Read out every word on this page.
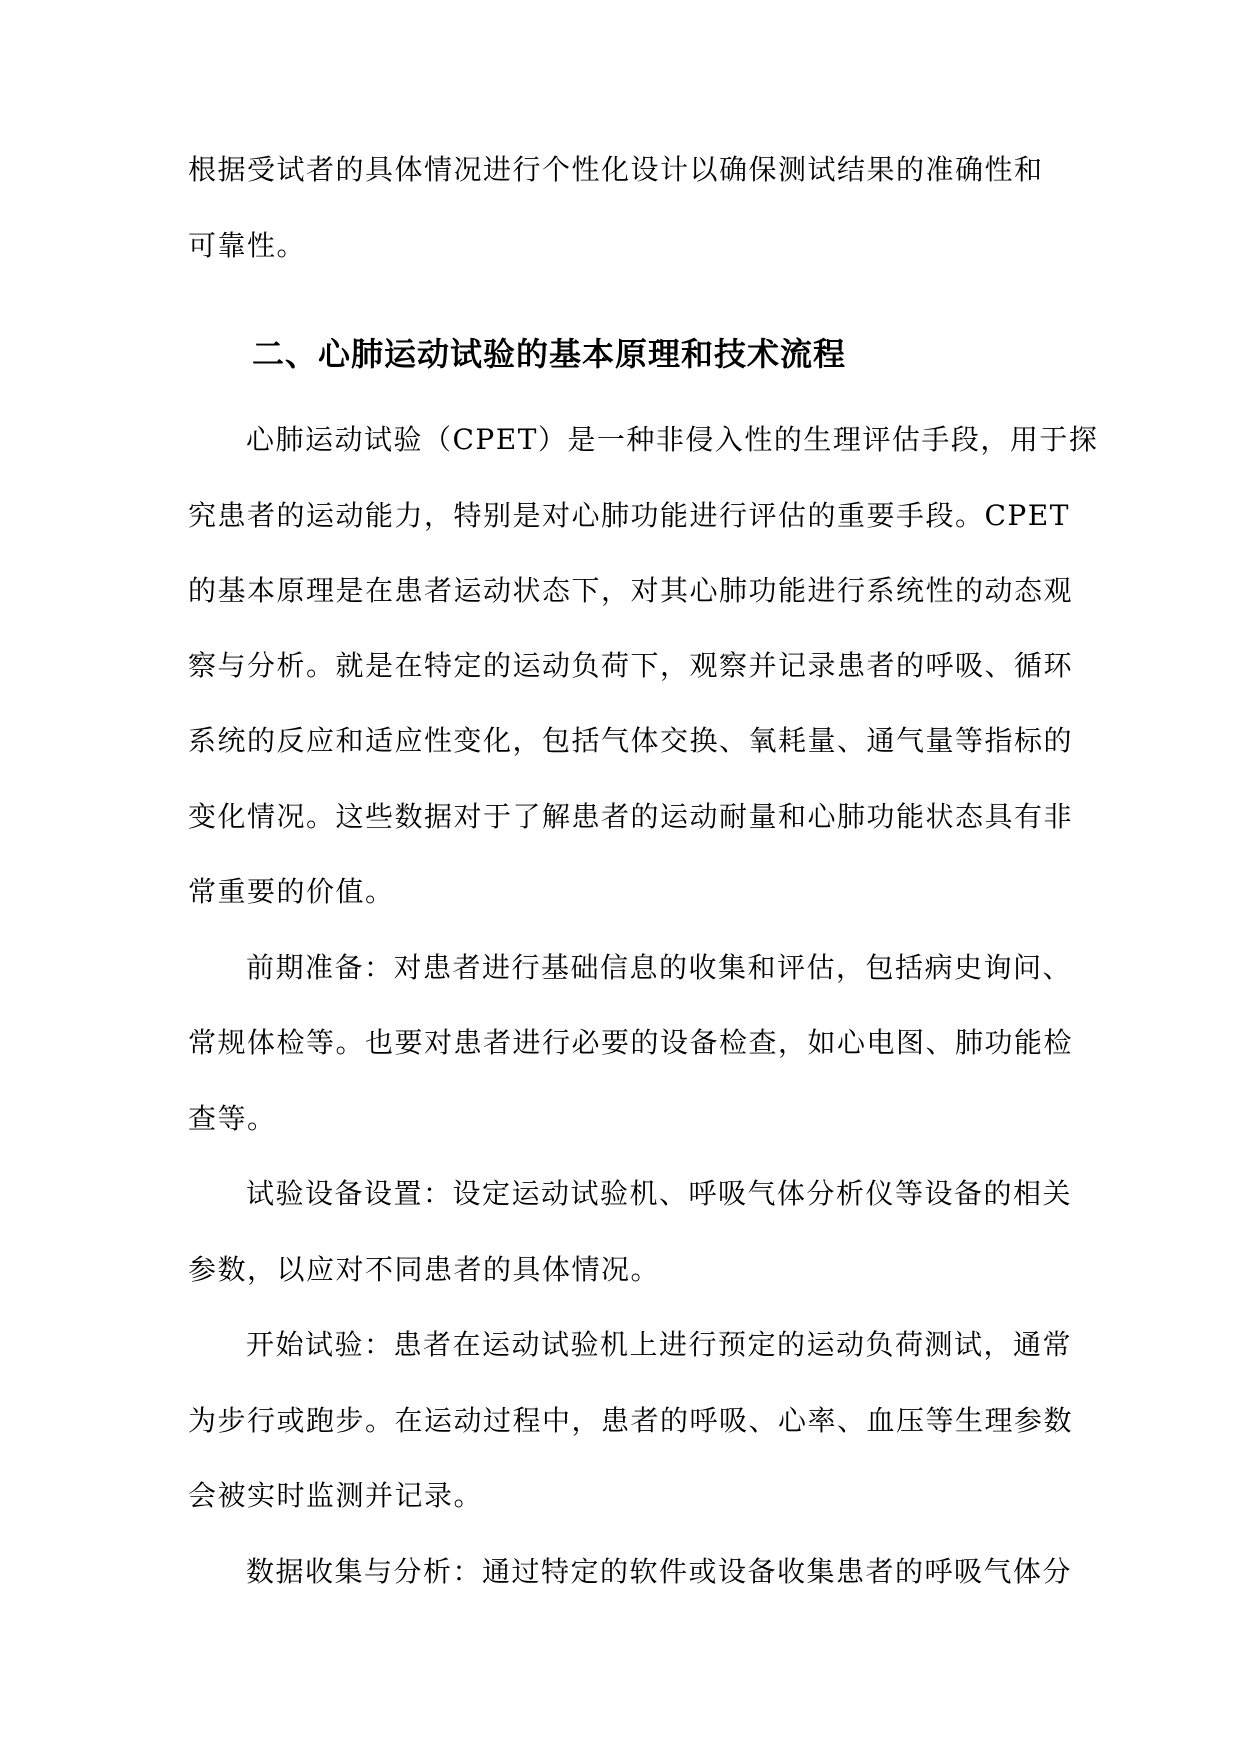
根据受试者的具体情况进行个性化设计以确保测试结果的准确性和
可靠性。
二、心肺运动试验的基本原理和技术流程
心肺运动试验（CPET）是一种非侵入性的生理评估手段，用于探
究患者的运动能力，特别是对心肺功能进行评估的重要手段。CPET
的基本原理是在患者运动状态下，对其心肺功能进行系统性的动态观
察与分析。就是在特定的运动负荷下，观察并记录患者的呼吸、循环
系统的反应和适应性变化，包括气体交换、氧耗量、通气量等指标的
变化情况。这些数据对于了解患者的运动耐量和心肺功能状态具有非
常重要的价值。
前期准备：对患者进行基础信息的收集和评估，包括病史询问、
常规体检等。也要对患者进行必要的设备检查，如心电图、肺功能检
查等。
试验设备设置：设定运动试验机、呼吸气体分析仪等设备的相关
参数，以应对不同患者的具体情况。
开始试验：患者在运动试验机上进行预定的运动负荷测试，通常
为步行或跑步。在运动过程中，患者的呼吸、心率、血压等生理参数
会被实时监测并记录。
数据收集与分析：通过特定的软件或设备收集患者的呼吸气体分
